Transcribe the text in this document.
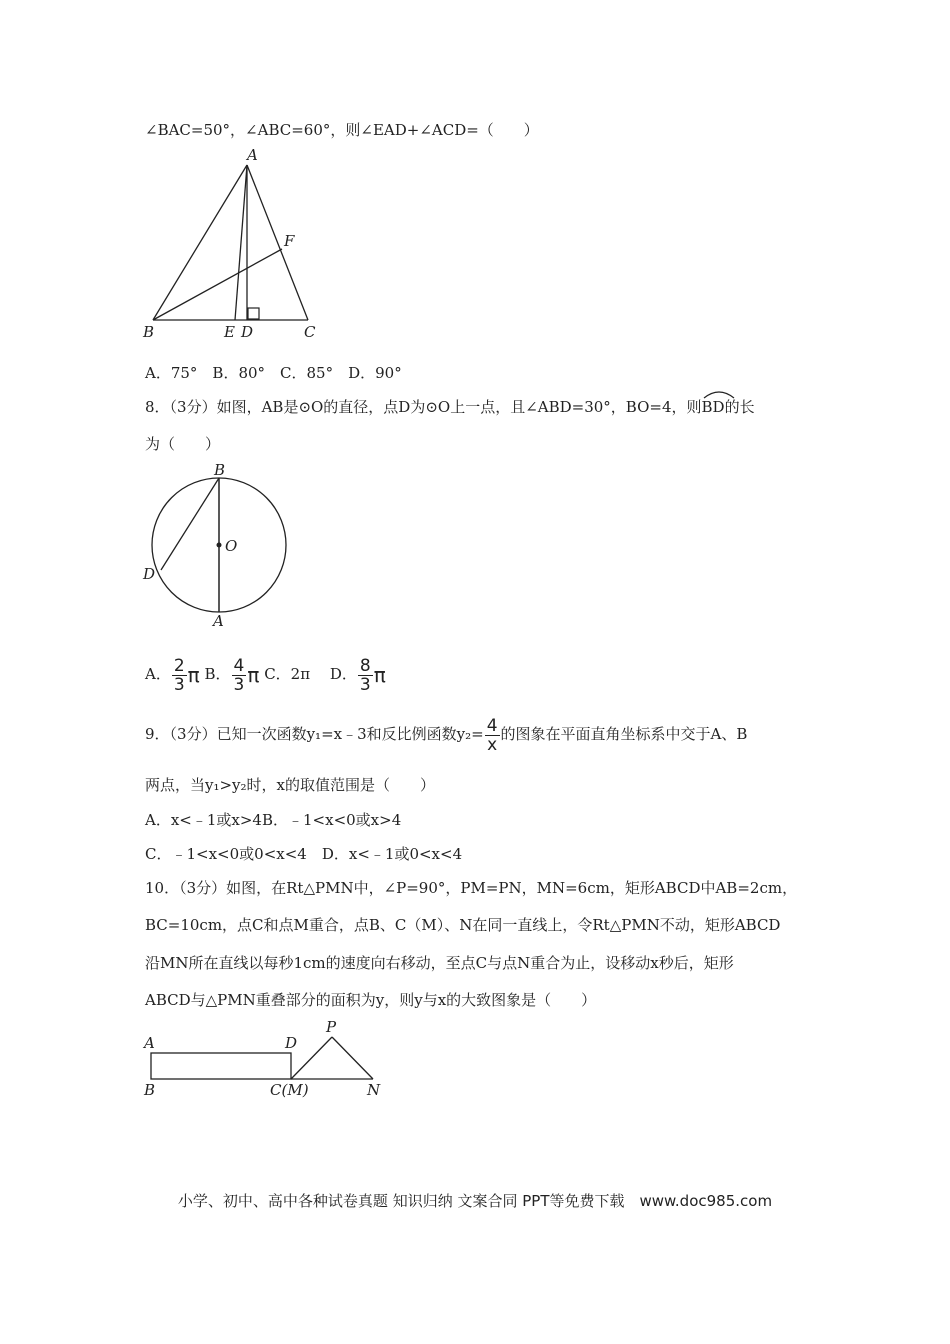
∠BAC=50°，∠ABC=60°，则∠EAD+∠ACD=（　　）
A
B	E D	C
F
A．75°　B．80°　C．85°　D．90°
8．（3分）如图，AB是⊙O的直径，点D为⊙O上一点，且∠ABD=30°，BO=4，则
BD的长
为（　　）
B
O
D
A
A． $\frac{2}{3}$ π B． $\frac{4}{3}$ π C．2π　 D． $\frac{8}{3}$ π
9．（3分）已知一次函数y₁=x﹣3和反比例函数$y_2= \frac{4}{x}$ 的图象在平面直角坐标系中交于A、B
两点，当y₁>y₂时，x的取值范围是（　　）
A．x<﹣1或x>4B．﹣1<x<0或x>4
C．﹣1<x<0或0<x<4　D．x<﹣1或0<x<4
10．（3分）如图，在Rt△PMN中，∠P=90°，PM=PN，MN=6cm，矩形ABCD中AB=2cm，
BC=10cm，点C和点M重合，点B、C（M）、N在同一直线上，令Rt△PMN不动，矩形ABCD
沿MN所在直线以每秒1cm的速度向右移动，至点C与点N重合为止，设移动x秒后，矩形
ABCD与△PMN重叠部分的面积为y，则y与x的大致图象是（　　）
A	D
P
B	C(M)	N
小学、初中、高中各种试卷真题 知识归纳 文案合同 PPT等免费下载　www.doc985.com
